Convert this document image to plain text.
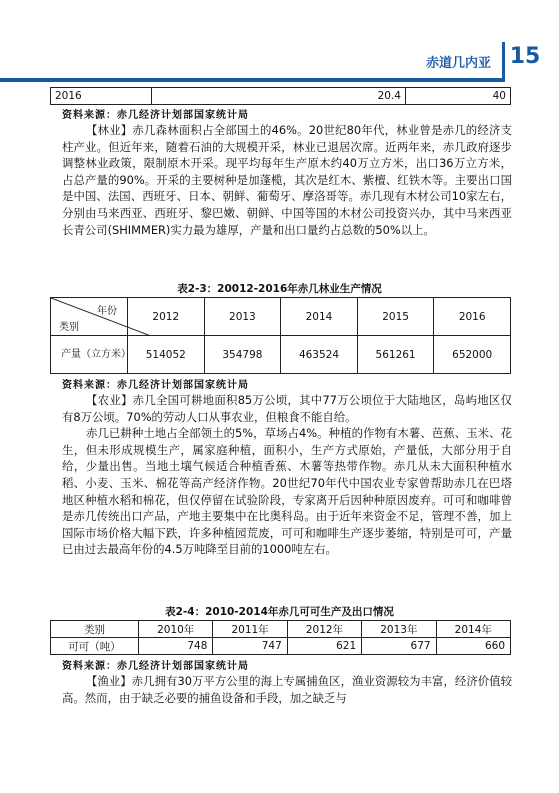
赤道几内亚 15
2016	20.4	40
资料来源：赤几经济计划部国家统计局
【林业】赤几森林面积占全部国土的46%。20世纪80年代，林业曾是赤几的经济支柱产业。但近年来，随着石油的大规模开采，林业已退居次席。近两年来，赤几政府逐步调整林业政策，限制原木开采。现平均每年生产原木约40万立方米，出口36万立方米，占总产量的90%。开采的主要树种是加蓬榄，其次是红木、紫檀、红铁木等。主要出口国是中国、法国、西班牙、日本、朝鲜、葡萄牙、摩洛哥等。赤几现有木材公司10家左右，分别由马来西亚、西班牙、黎巴嫩、朝鲜、中国等国的木材公司投资兴办，其中马来西亚长青公司(SHIMMER)实力最为雄厚，产量和出口量约占总数的50%以上。
表2-3：20012-2016年赤几林业生产情况
年份
类别	2012	2013	2014	2015	2016
产量（立方米）	514052	354798	463524	561261	652000
资料来源：赤几经济计划部国家统计局

【农业】赤几全国可耕地面积85万公顷，其中77万公顷位于大陆地区，岛屿地区仅有8万公顷。70%的劳动人口从事农业，但粮食不能自给。

赤几已耕种土地占全部领土的5%，草场占4%。种植的作物有木薯、芭蕉、玉米、花生，但未形成规模生产，属家庭种植，面积小，生产方式原始，产量低，大部分用于自给，少量出售。当地土壤气候适合种植香蕉、木薯等热带作物。赤几从未大面积种植水稻、小麦、玉米、棉花等高产经济作物。20世纪70年代中国农业专家曾帮助赤几在巴塔地区种植水稻和棉花，但仅停留在试验阶段，专家离开后因种种原因废弃。可可和咖啡曾是赤几传统出口产品，产地主要集中在比奥科岛。由于近年来资金不足，管理不善，加上国际市场价格大幅下跌，许多种植园荒废，可可和咖啡生产逐步萎缩，特别是可可，产量已由过去最高年份的4.5万吨降至目前的1000吨左右。

表2-4：2010-2014年赤几可可生产及出口情况
类别	2010年	2011年	2012年	2013年	2014年
可可（吨）	748	747	621	677	660
资料来源：赤几经济计划部国家统计局
【渔业】赤几拥有30万平方公里的海上专属捕鱼区，渔业资源较为丰富，经济价值较高。然而，由于缺乏必要的捕鱼设备和手段，加之缺乏与
